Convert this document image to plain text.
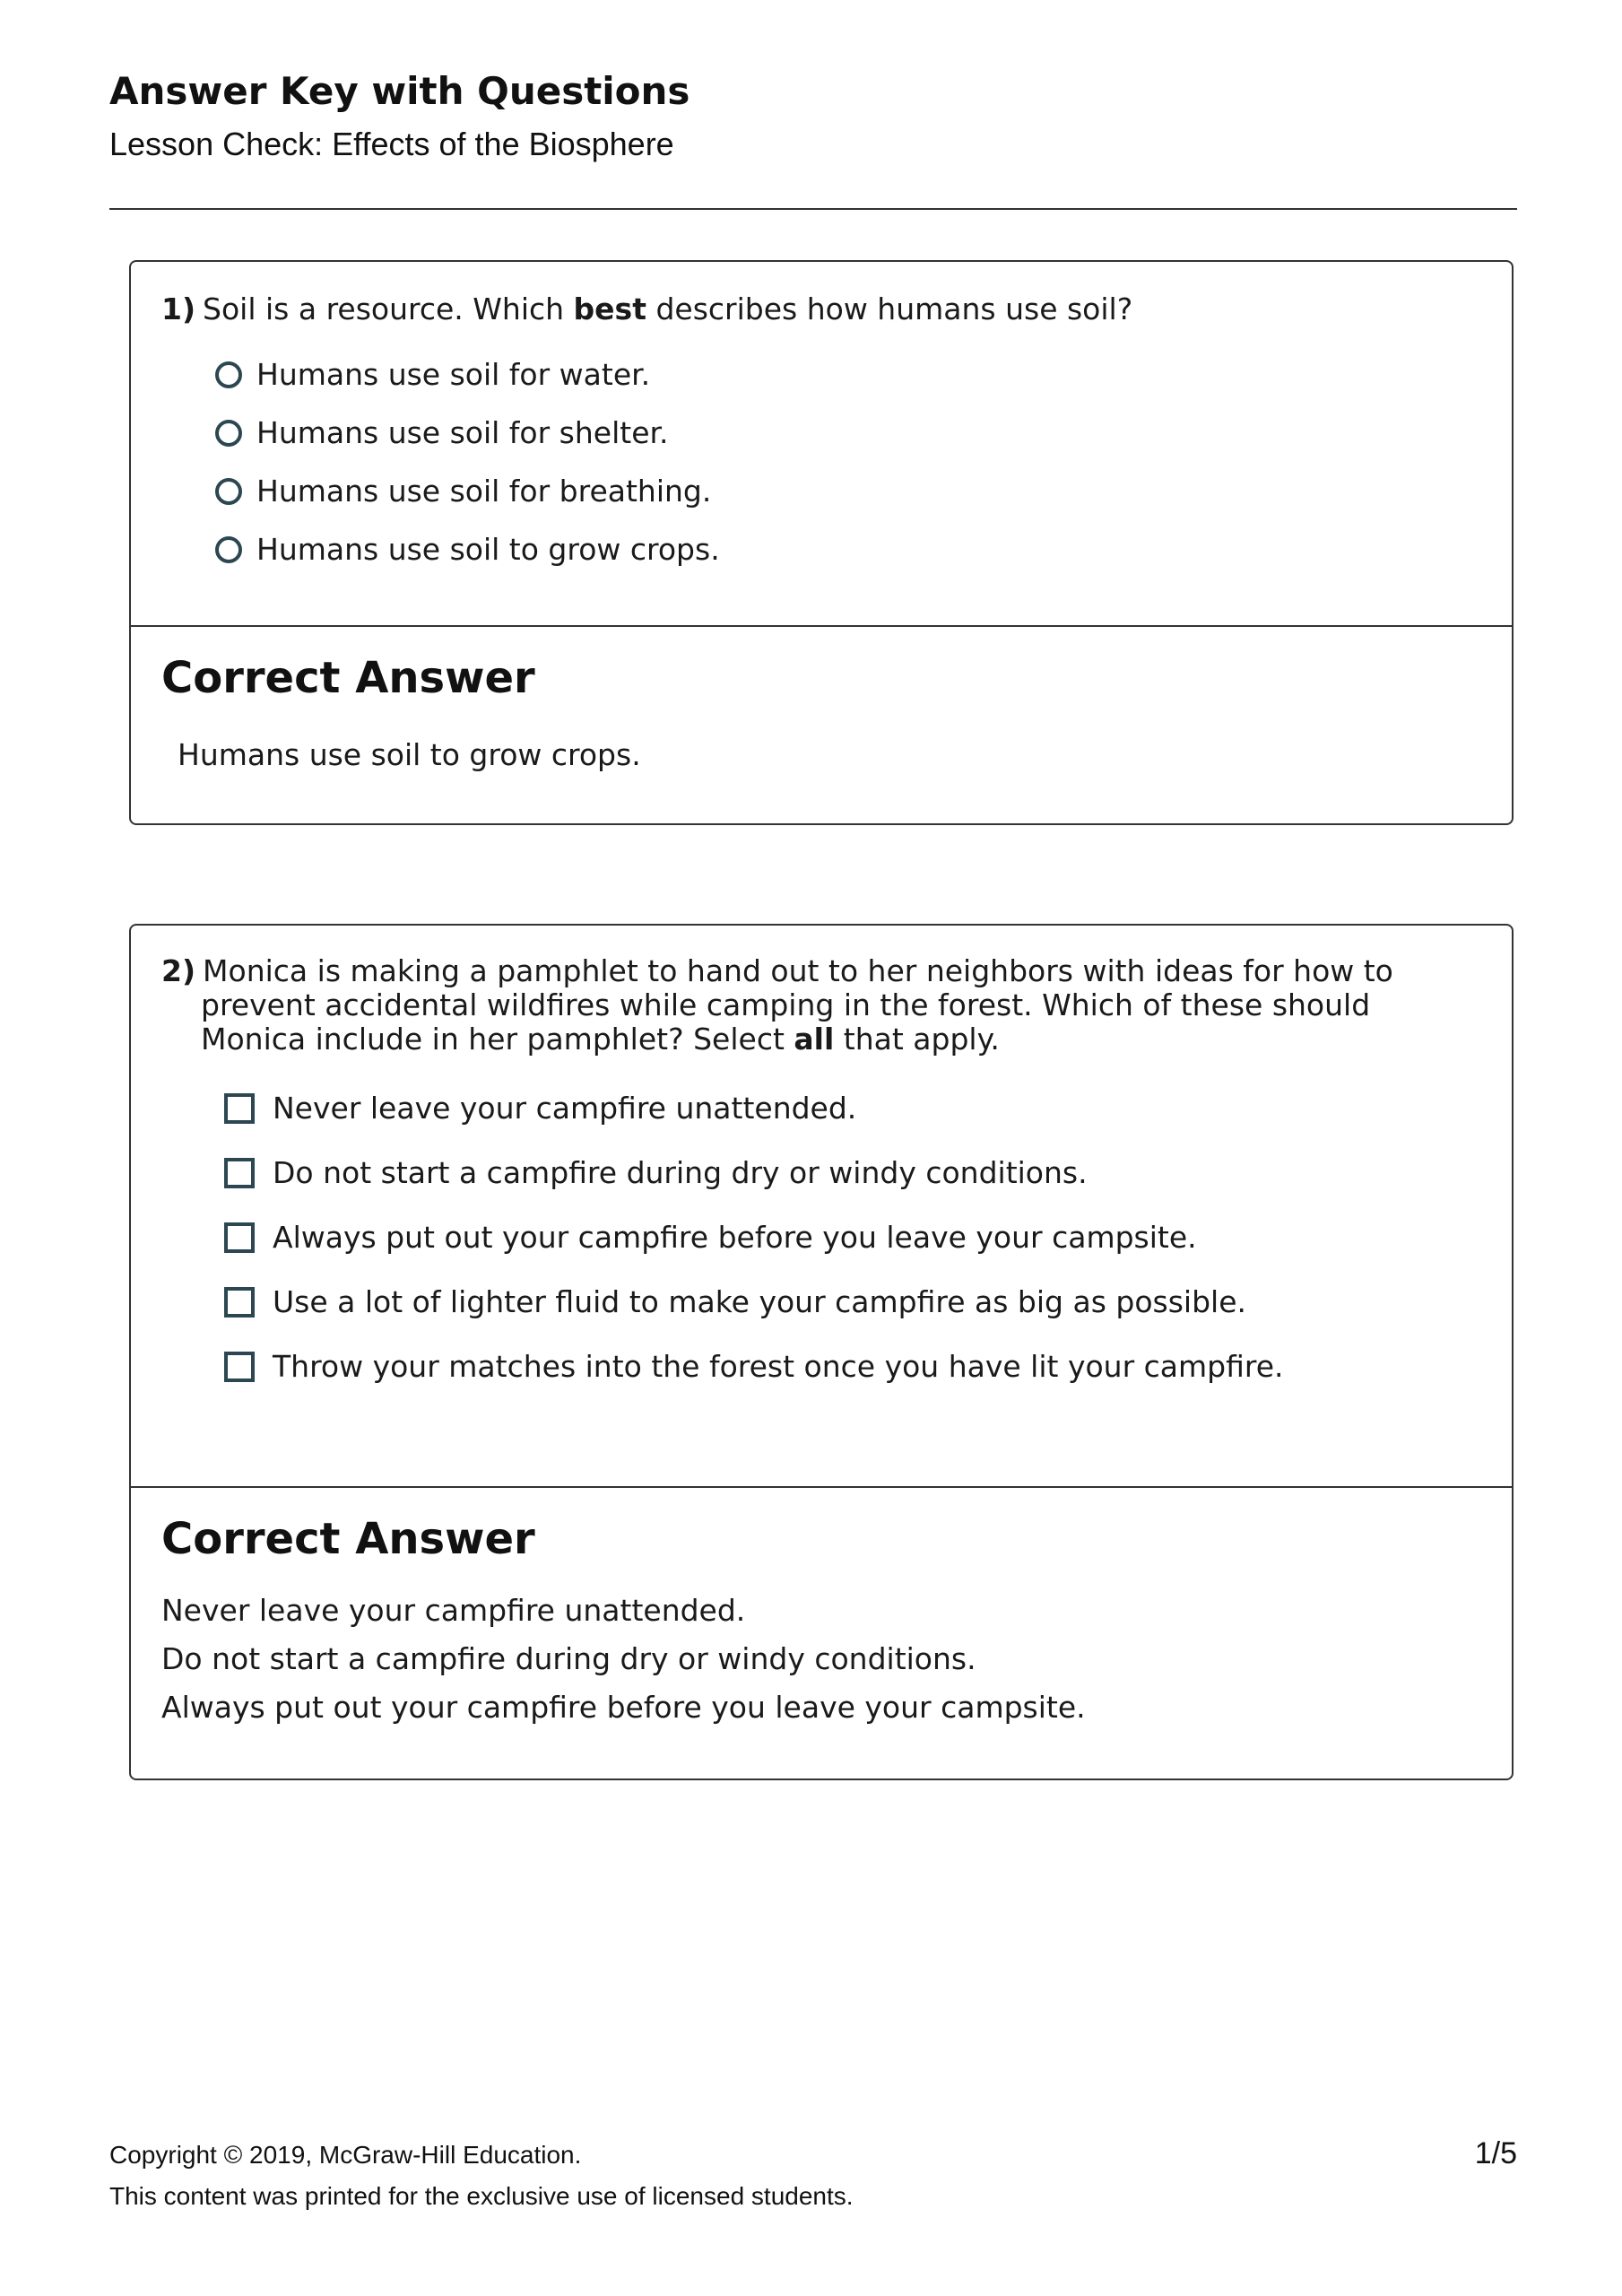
Answer Key with Questions
Lesson Check: Effects of the Biosphere
1) Soil is a resource. Which best describes how humans use soil?
Humans use soil for water.
Humans use soil for shelter.
Humans use soil for breathing.
Humans use soil to grow crops.
Correct Answer
Humans use soil to grow crops.
2) Monica is making a pamphlet to hand out to her neighbors with ideas for how to prevent accidental wildfires while camping in the forest. Which of these should Monica include in her pamphlet? Select all that apply.
Never leave your campfire unattended.
Do not start a campfire during dry or windy conditions.
Always put out your campfire before you leave your campsite.
Use a lot of lighter fluid to make your campfire as big as possible.
Throw your matches into the forest once you have lit your campfire.
Correct Answer
Never leave your campfire unattended.
Do not start a campfire during dry or windy conditions.
Always put out your campfire before you leave your campsite.
Copyright © 2019, McGraw-Hill Education.
This content was printed for the exclusive use of licensed students.
1/5
